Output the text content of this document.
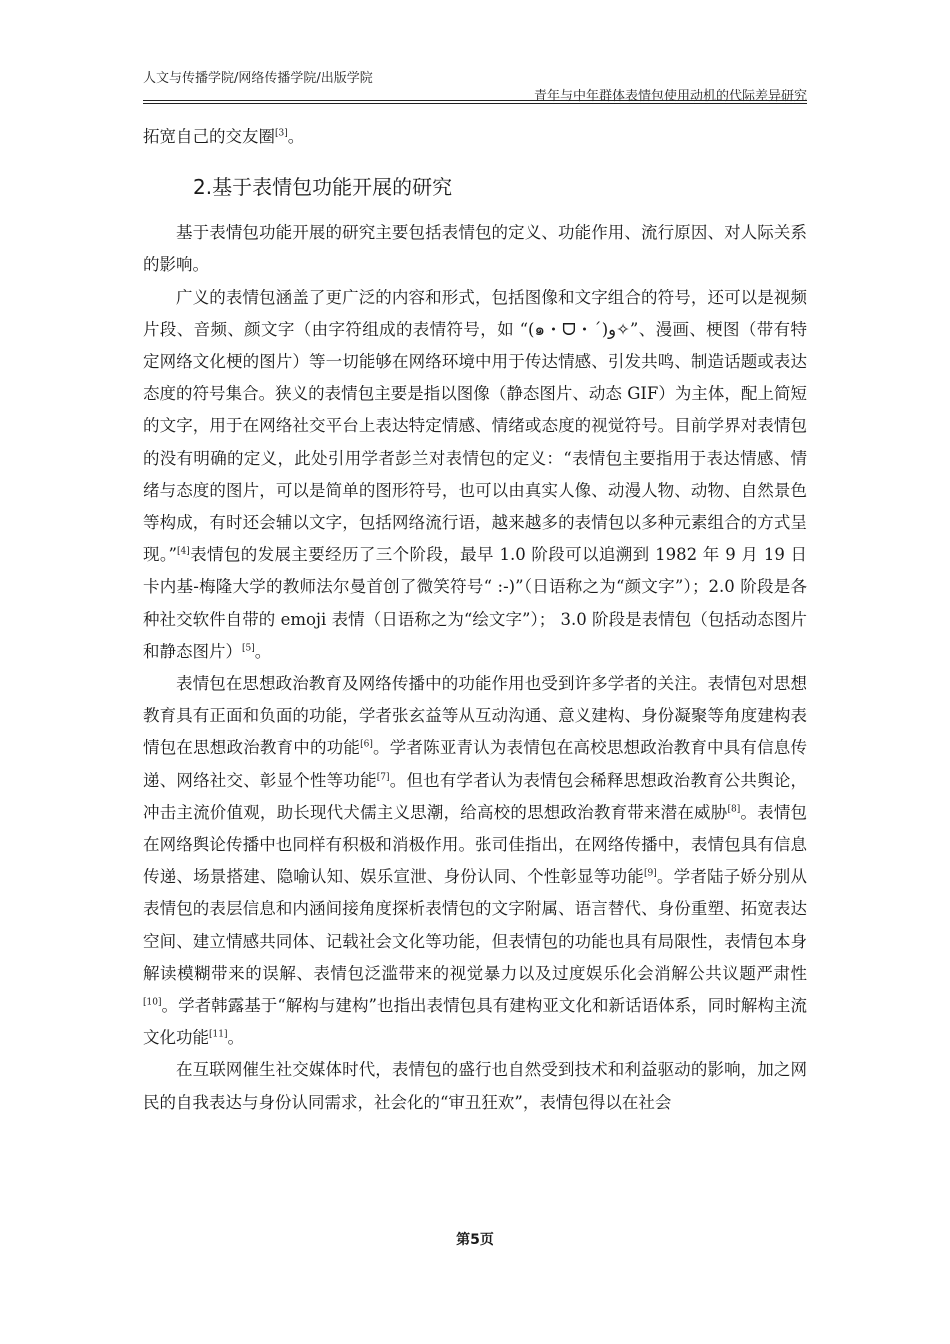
人文与传播学院/网络传播学院/出版学院
青年与中年群体表情包使用动机的代际差异研究

拓宽自己的交友圈[3]。

2.基于表情包功能开展的研究

基于表情包功能开展的研究主要包括表情包的定义、功能作用、流行原因、对人际关系的影响。

广义的表情包涵盖了更广泛的内容和形式，包括图像和文字组合的符号，还可以是视频片段、音频、颜文字（由字符组成的表情符号，如 “(๑・ᗜ・ˊ)و✧”、漫画、梗图（带有特定网络文化梗的图片）等一切能够在网络环境中用于传达情感、引发共鸣、制造话题或表达态度的符号集合。狭义的表情包主要是指以图像（静态图片、动态 GIF）为主体，配上简短的文字，用于在网络社交平台上表达特定情感、情绪或态度的视觉符号。目前学界对表情包的没有明确的定义，此处引用学者彭兰对表情包的定义：“表情包主要指用于表达情感、情绪与态度的图片，可以是简单的图形符号，也可以由真实人像、动漫人物、动物、自然景色等构成，有时还会辅以文字，包括网络流行语，越来越多的表情包以多种元素组合的方式呈现。”[4]表情包的发展主要经历了三个阶段，最早 1.0 阶段可以追溯到 1982 年 9 月 19 日卡内基-梅隆大学的教师法尔曼首创了微笑符号“ :-)”（日语称之为“颜文字”）；2.0 阶段是各种社交软件自带的 emoji 表情（日语称之为“绘文字”）； 3.0 阶段是表情包（包括动态图片和静态图片）[5]。

表情包在思想政治教育及网络传播中的功能作用也受到许多学者的关注。表情包对思想教育具有正面和负面的功能，学者张玄益等从互动沟通、意义建构、身份凝聚等角度建构表情包在思想政治教育中的功能[6]。学者陈亚青认为表情包在高校思想政治教育中具有信息传递、网络社交、彰显个性等功能[7]。但也有学者认为表情包会稀释思想政治教育公共舆论，冲击主流价值观，助长现代犬儒主义思潮，给高校的思想政治教育带来潜在威胁[8]。表情包在网络舆论传播中也同样有积极和消极作用。张司佳指出，在网络传播中，表情包具有信息传递、场景搭建、隐喻认知、娱乐宣泄、身份认同、个性彰显等功能[9]。学者陆子娇分别从表情包的表层信息和内涵间接角度探析表情包的文字附属、语言替代、身份重塑、拓宽表达空间、建立情感共同体、记载社会文化等功能，但表情包的功能也具有局限性，表情包本身解读模糊带来的误解、表情包泛滥带来的视觉暴力以及过度娱乐化会消解公共议题严肃性[10]。学者韩露基于“解构与建构”也指出表情包具有建构亚文化和新话语体系，同时解构主流文化功能[11]。

在互联网催生社交媒体时代，表情包的盛行也自然受到技术和利益驱动的影响，加之网民的自我表达与身份认同需求，社会化的“审丑狂欢”，表情包得以在社会

第5页
